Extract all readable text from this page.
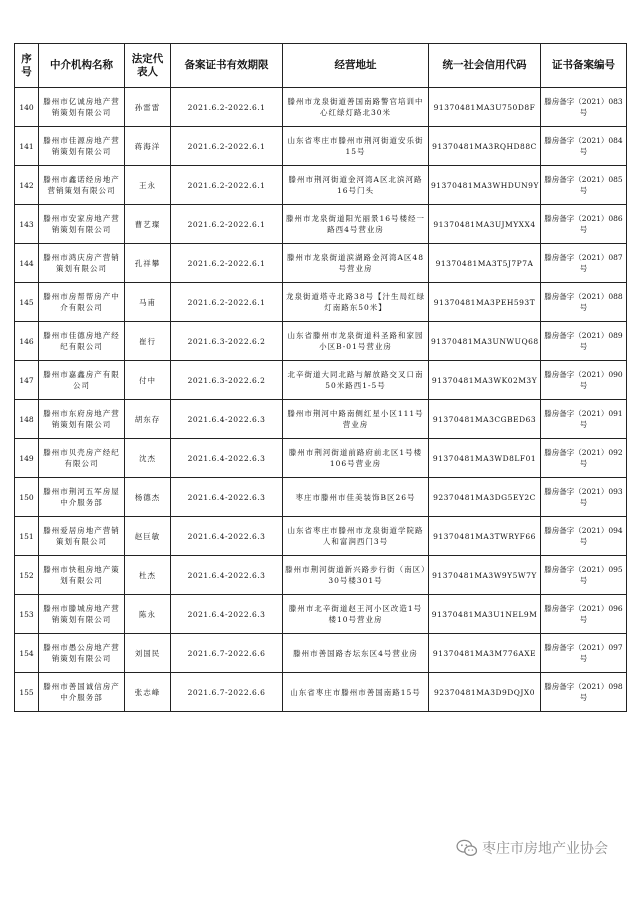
序号	中介机构名称	法定代表人	备案证书有效期限	经营地址	统一社会信用代码	证书备案编号
140	滕州市亿诚房地产营销策划有限公司	孙雷雷	2021.6.2-2022.6.1	滕州市龙泉街道善国南路警官培训中心红绿灯路北30米	91370481MA3U750D8F	滕房备字（2021）083号
141	滕州市佳源房地产营销策划有限公司	蒋海洋	2021.6.2-2022.6.1	山东省枣庄市滕州市荆河街道安乐街15号	91370481MA3RQHD88C	滕房备字（2021）084号
142	滕州市鑫诺经房地产营销策划有限公司	王永	2021.6.2-2022.6.1	滕州市荆河街道金河湾A区北滨河路16号门头	91370481MA3WHDUN9Y	滕房备字（2021）085号
143	滕州市安家房地产营销策划有限公司	曹艺璨	2021.6.2-2022.6.1	滕州市龙泉街道阳光丽景16号楼经一路西4号营业房	91370481MA3UJMYXX4	滕房备字（2021）086号
144	滕州市鸿庆房产营销策划有限公司	孔祥攀	2021.6.2-2022.6.1	滕州市龙泉街道滨湖路金河湾A区48号营业房	91370481MA3T5J7P7A	滕房备字（2021）087号
145	滕州市房帮帮房产中介有限公司	马甫	2021.6.2-2022.6.1	龙泉街道塔寺北路38号【汁生局红绿灯南路东50米】	91370481MA3PEH593T	滕房备字（2021）088号
146	滕州市佳德房地产经纪有限公司	崔行	2021.6.3-2022.6.2	山东省滕州市龙泉街道科圣路和家园小区B-01号营业房	91370481MA3UNWUQ68	滕房备字（2021）089号
147	滕州市嘉鑫房产有限公司	付中	2021.6.3-2022.6.2	北辛街道大同北路与解放路交叉口南50米路西1-5号	91370481MA3WK02M3Y	滕房备字（2021）090号
148	滕州市东府房地产营销策划有限公司	胡东存	2021.6.4-2022.6.3	滕州市荆河中路南侧红星小区111号营业房	91370481MA3CGBED63	滕房备字（2021）091号
149	滕州市贝壳房产经纪有限公司	沈杰	2021.6.4-2022.6.3	滕州市荆河街道前路府前北区1号楼106号营业房	91370481MA3WD8LF01	滕房备字（2021）092号
150	滕州市荆河五军房屋中介服务部	杨德杰	2021.6.4-2022.6.3	枣庄市滕州市佳美装饰B区26号	92370481MA3DG5EY2C	滕房备字（2021）093号
151	滕州爱居房地产营销策划有限公司	赵巨敏	2021.6.4-2022.6.3	山东省枣庄市滕州市龙泉街道学院路人和富润西门3号	91370481MA3TWRYF66	滕房备字（2021）094号
152	滕州市快租房地产策划有限公司	杜杰	2021.6.4-2022.6.3	滕州市荆河街道新兴路步行街（南区）30号楼301号	91370481MA3W9Y5W7Y	滕房备字（2021）095号
153	滕州市滕城房地产营销策划有限公司	陈永	2021.6.4-2022.6.3	滕州市北辛街道赵王河小区改造1号楼10号营业房	91370481MA3U1NEL9M	滕房备字（2021）096号
154	滕州市愚公房地产营销策划有限公司	刘国民	2021.6.7-2022.6.6	滕州市善国路杏坛东区4号营业房	91370481MA3M776AXE	滕房备字（2021）097号
155	滕州市善国诚信房产中介服务部	张志峰	2021.6.7-2022.6.6	山东省枣庄市滕州市善国南路15号	92370481MA3D9DQJX0	滕房备字（2021）098号
枣庄市房地产业协会
